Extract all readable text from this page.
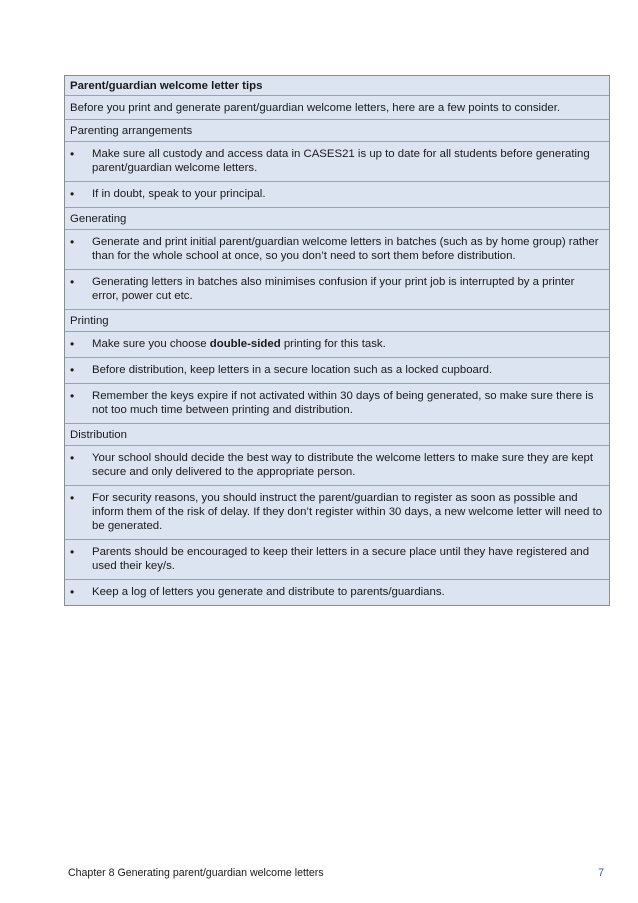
Parent/guardian welcome letter tips
Before you print and generate parent/guardian welcome letters, here are a few points to consider.
Parenting arrangements
•	Make sure all custody and access data in CASES21 is up to date for all students before generating parent/guardian welcome letters.
•	If in doubt, speak to your principal.
Generating
•	Generate and print initial parent/guardian welcome letters in batches (such as by home group) rather than for the whole school at once, so you don’t need to sort them before distribution.
•	Generating letters in batches also minimises confusion if your print job is interrupted by a printer error, power cut etc.
Printing
•	Make sure you choose double-sided printing for this task.
•	Before distribution, keep letters in a secure location such as a locked cupboard.
•	Remember the keys expire if not activated within 30 days of being generated, so make sure there is not too much time between printing and distribution.
Distribution
•	Your school should decide the best way to distribute the welcome letters to make sure they are kept secure and only delivered to the appropriate person.
•	For security reasons, you should instruct the parent/guardian to register as soon as possible and inform them of the risk of delay. If they don’t register within 30 days, a new welcome letter will need to be generated.
•	Parents should be encouraged to keep their letters in a secure place until they have registered and used their key/s.
•	Keep a log of letters you generate and distribute to parents/guardians.
Chapter 8 Generating parent/guardian welcome letters	7
